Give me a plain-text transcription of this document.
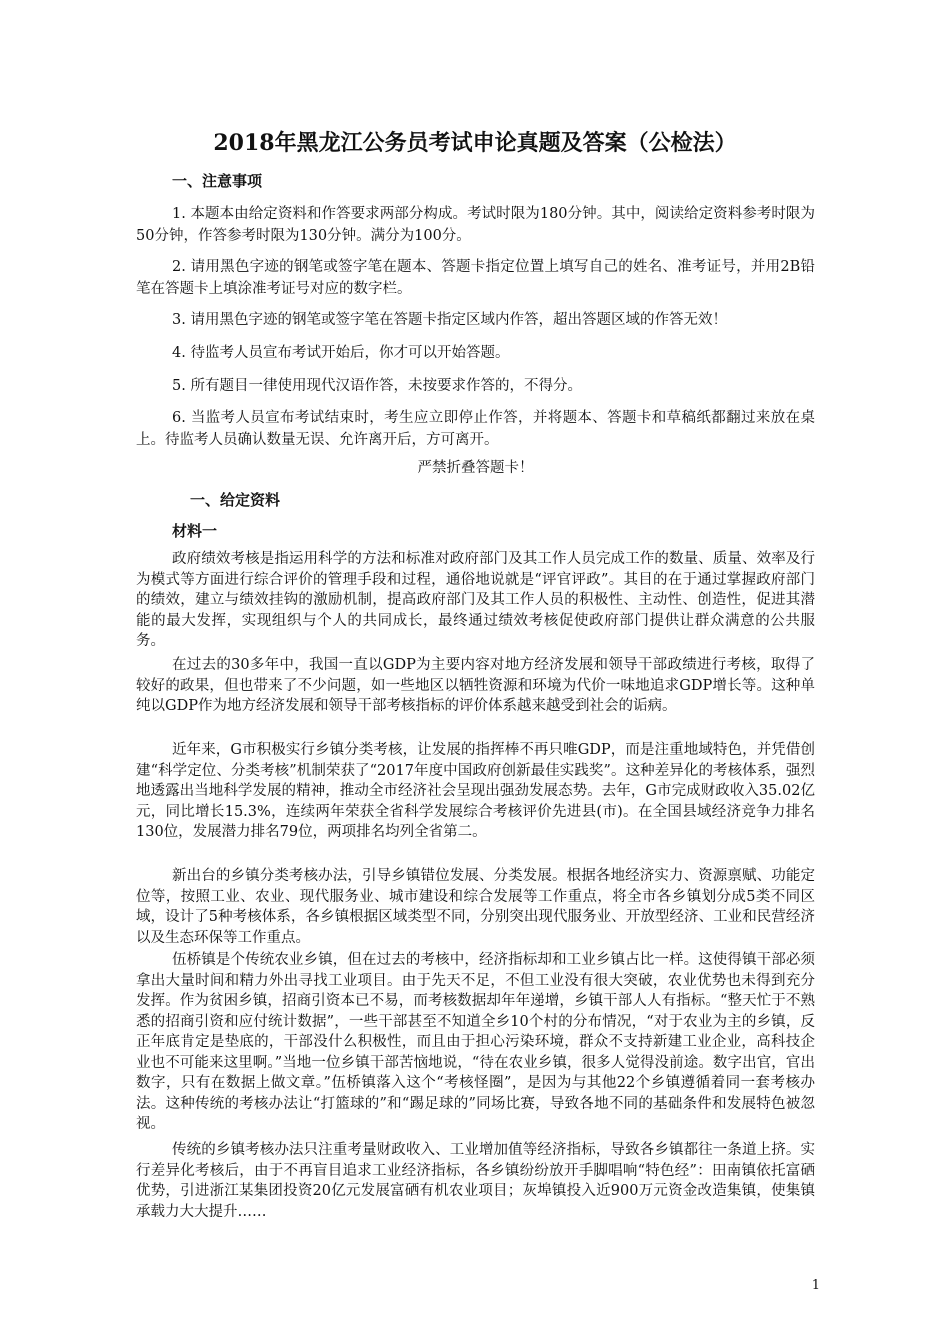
2018年黑龙江公务员考试申论真题及答案（公检法）
一、注意事项

1. 本题本由给定资料和作答要求两部分构成。考试时限为180分钟。其中，阅读给定资料参考时限为50分钟，作答参考时限为130分钟。满分为100分。

2. 请用黑色字迹的钢笔或签字笔在题本、答题卡指定位置上填写自己的姓名、准考证号，并用2B铅笔在答题卡上填涂准考证号对应的数字栏。

3. 请用黑色字迹的钢笔或签字笔在答题卡指定区域内作答，超出答题区域的作答无效！

4. 待监考人员宣布考试开始后，你才可以开始答题。

5. 所有题目一律使用现代汉语作答，未按要求作答的，不得分。

6. 当监考人员宣布考试结束时，考生应立即停止作答，并将题本、答题卡和草稿纸都翻过来放在桌上。待监考人员确认数量无误、允许离开后，方可离开。

严禁折叠答题卡！

一、给定资料
材料一

政府绩效考核是指运用科学的方法和标准对政府部门及其工作人员完成工作的数量、质量、效率及行为模式等方面进行综合评价的管理手段和过程，通俗地说就是“评官评政”。其目的在于通过掌握政府部门的绩效，建立与绩效挂钩的激励机制，提高政府部门及其工作人员的积极性、主动性、创造性，促进其潜能的最大发挥，实现组织与个人的共同成长，最终通过绩效考核促使政府部门提供让群众满意的公共服务。

在过去的30多年中，我国一直以GDP为主要内容对地方经济发展和领导干部政绩进行考核，取得了较好的政果，但也带来了不少问题，如一些地区以牺牲资源和环境为代价一味地追求GDP增长等。这种单纯以GDP作为地方经济发展和领导干部考核指标的评价体系越来越受到社会的诟病。

近年来，G市积极实行乡镇分类考核，让发展的指挥棒不再只唯GDP，而是注重地域特色，并凭借创建“科学定位、分类考核”机制荣获了“2017年度中国政府创新最佳实践奖”。这种差异化的考核体系，强烈地透露出当地科学发展的精神，推动全市经济社会呈现出强劲发展态势。去年，G市完成财政收入35.02亿元，同比增长15.3%，连续两年荣获全省科学发展综合考核评价先进县(市)。在全国县域经济竞争力排名130位，发展潜力排名79位，两项排名均列全省第二。

新出台的乡镇分类考核办法，引导乡镇错位发展、分类发展。根据各地经济实力、资源禀赋、功能定位等，按照工业、农业、现代服务业、城市建设和综合发展等工作重点，将全市各乡镇划分成5类不同区域，设计了5种考核体系，各乡镇根据区域类型不同，分别突出现代服务业、开放型经济、工业和民营经济以及生态环保等工作重点。

伍桥镇是个传统农业乡镇，但在过去的考核中，经济指标却和工业乡镇占比一样。这使得镇干部必须拿出大量时间和精力外出寻找工业项目。由于先天不足，不但工业没有很大突破，农业优势也未得到充分发挥。作为贫困乡镇，招商引资本已不易，而考核数据却年年递增，乡镇干部人人有指标。“整天忙于不熟悉的招商引资和应付统计数据”，一些干部甚至不知道全乡10个村的分布情况，“对于农业为主的乡镇，反正年底肯定是垫底的，干部没什么积极性，而且由于担心污染环境，群众不支持新建工业企业，高科技企业也不可能来这里啊。”当地一位乡镇干部苦恼地说，“待在农业乡镇，很多人觉得没前途。数字出官，官出数字，只有在数据上做文章。”伍桥镇落入这个“考核怪圈”，是因为与其他22个乡镇遵循着同一套考核办法。这种传统的考核办法让“打篮球的”和“踢足球的”同场比赛，导致各地不同的基础条件和发展特色被忽视。

传统的乡镇考核办法只注重考量财政收入、工业增加值等经济指标，导致各乡镇都往一条道上挤。实行差异化考核后，由于不再盲目追求工业经济指标，各乡镇纷纷放开手脚唱响“特色经”：田南镇依托富硒优势，引进浙江某集团投资20亿元发展富硒有机农业项目；灰埠镇投入近900万元资金改造集镇，使集镇承载力大大提升……

1
